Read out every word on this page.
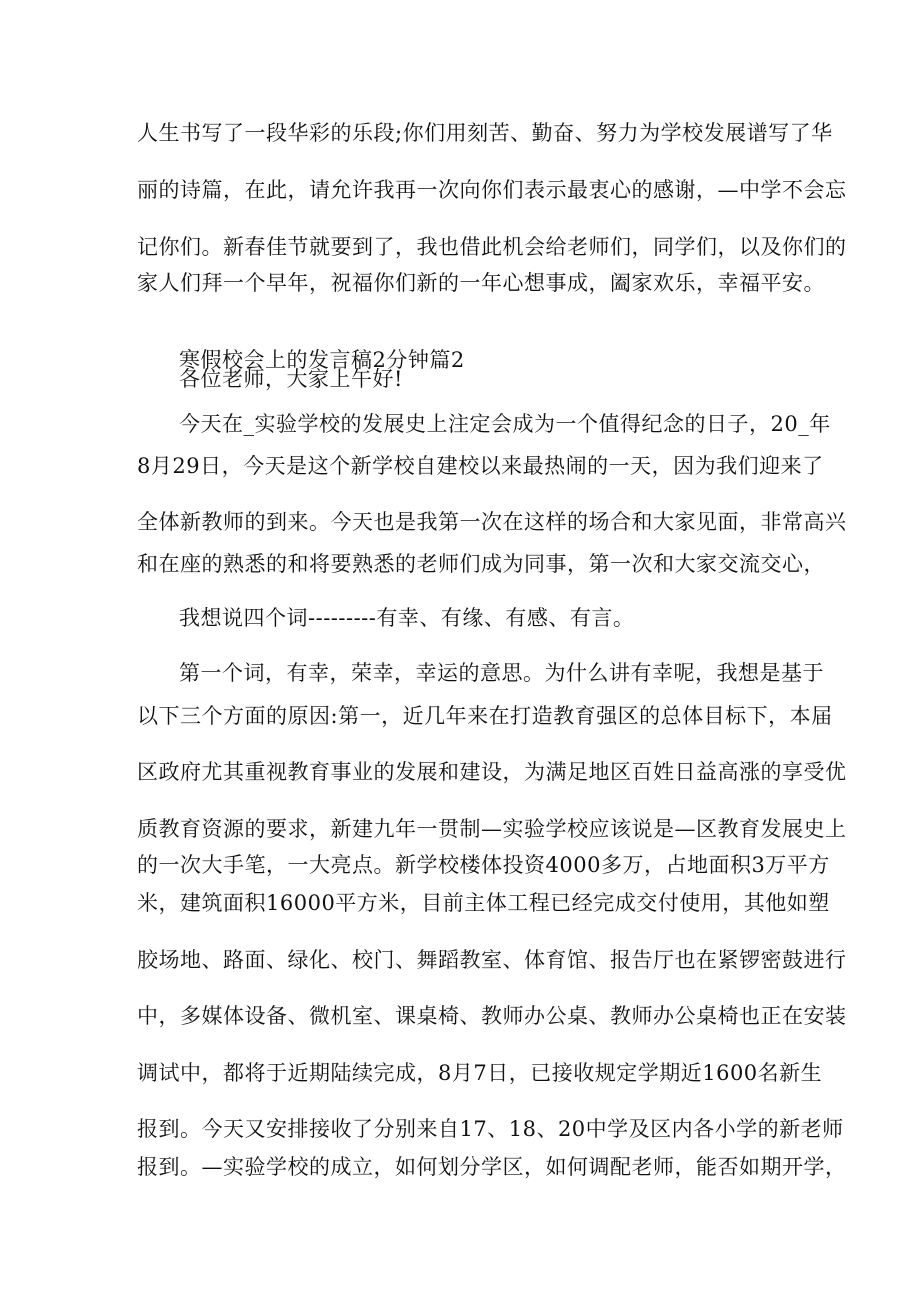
人生书写了一段华彩的乐段;你们用刻苦、勤奋、努力为学校发展谱写了华
丽的诗篇，在此，请允许我再一次向你们表示最衷心的感谢，—中学不会忘
记你们。新春佳节就要到了，我也借此机会给老师们，同学们，以及你们的
家人们拜一个早年，祝福你们新的一年心想事成，阖家欢乐，幸福平安。
寒假校会上的发言稿2分钟篇2
各位老师，大家上午好!
今天在_实验学校的发展史上注定会成为一个值得纪念的日子，20_年
8月29日，今天是这个新学校自建校以来最热闹的一天，因为我们迎来了
全体新教师的到来。今天也是我第一次在这样的场合和大家见面，非常高兴
和在座的熟悉的和将要熟悉的老师们成为同事，第一次和大家交流交心，
我想说四个词---------有幸、有缘、有感、有言。
第一个词，有幸，荣幸，幸运的意思。为什么讲有幸呢，我想是基于
以下三个方面的原因:第一，近几年来在打造教育强区的总体目标下，本届
区政府尤其重视教育事业的发展和建设，为满足地区百姓日益高涨的享受优
质教育资源的要求，新建九年一贯制—实验学校应该说是—区教育发展史上
的一次大手笔，一大亮点。新学校楼体投资4000多万，占地面积3万平方
米，建筑面积16000平方米，目前主体工程已经完成交付使用，其他如塑
胶场地、路面、绿化、校门、舞蹈教室、体育馆、报告厅也在紧锣密鼓进行
中，多媒体设备、微机室、课桌椅、教师办公桌、教师办公桌椅也正在安装
调试中，都将于近期陆续完成，8月7日，已接收规定学期近1600名新生
报到。今天又安排接收了分别来自17、18、20中学及区内各小学的新老师
报到。—实验学校的成立，如何划分学区，如何调配老师，能否如期开学，
